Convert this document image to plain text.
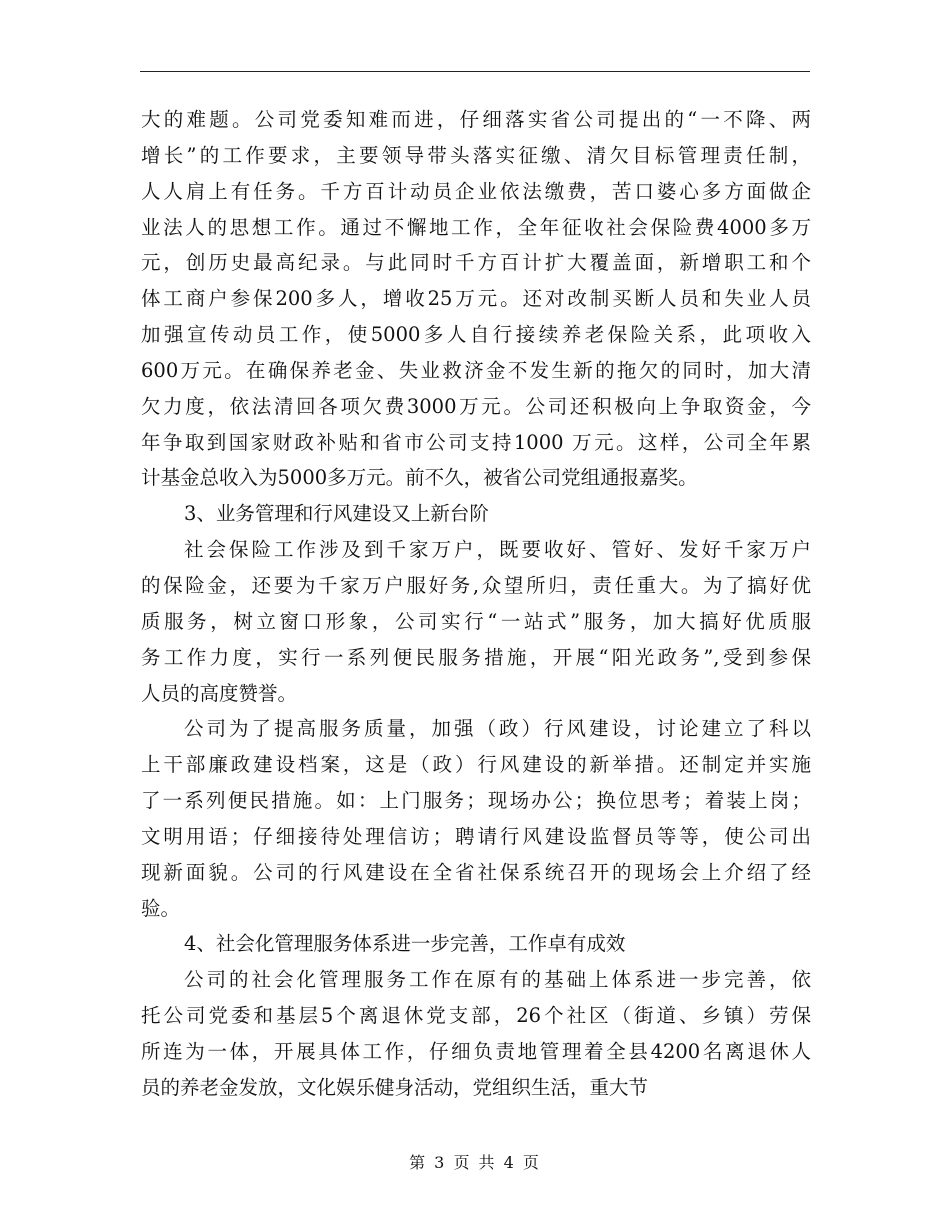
大的难题。公司党委知难而进，仔细落实省公司提出的“一不降、两
增长”的工作要求，主要领导带头落实征缴、清欠目标管理责任制，
人人肩上有任务。千方百计动员企业依法缴费，苦口婆心多方面做企
业法人的思想工作。通过不懈地工作，全年征收社会保险费4000多万
元，创历史最高纪录。与此同时千方百计扩大覆盖面，新增职工和个
体工商户参保200多人，增收25万元。还对改制买断人员和失业人员
加强宣传动员工作，使5000多人自行接续养老保险关系，此项收入
600万元。在确保养老金、失业救济金不发生新的拖欠的同时，加大清
欠力度，依法清回各项欠费3000万元。公司还积极向上争取资金，今
年争取到国家财政补贴和省市公司支持1000 万元。这样，公司全年累
计基金总收入为5000多万元。前不久，被省公司党组通报嘉奖。
3、业务管理和行风建设又上新台阶
社会保险工作涉及到千家万户，既要收好、管好、发好千家万户
的保险金，还要为千家万户服好务,众望所归，责任重大。为了搞好优
质服务，树立窗口形象，公司实行“一站式”服务，加大搞好优质服
务工作力度，实行一系列便民服务措施，开展“阳光政务”,受到参保
人员的高度赞誉。
公司为了提高服务质量，加强（政）行风建设，讨论建立了科以
上干部廉政建设档案，这是（政）行风建设的新举措。还制定并实施
了一系列便民措施。如：上门服务；现场办公；换位思考；着装上岗；
文明用语；仔细接待处理信访；聘请行风建设监督员等等，使公司出
现新面貌。公司的行风建设在全省社保系统召开的现场会上介绍了经
验。
4、社会化管理服务体系进一步完善，工作卓有成效
公司的社会化管理服务工作在原有的基础上体系进一步完善，依
托公司党委和基层5个离退休党支部，26个社区（街道、乡镇）劳保
所连为一体，开展具体工作，仔细负责地管理着全县4200名离退休人
员的养老金发放，文化娱乐健身活动，党组织生活，重大节
第 3 页 共 4 页
